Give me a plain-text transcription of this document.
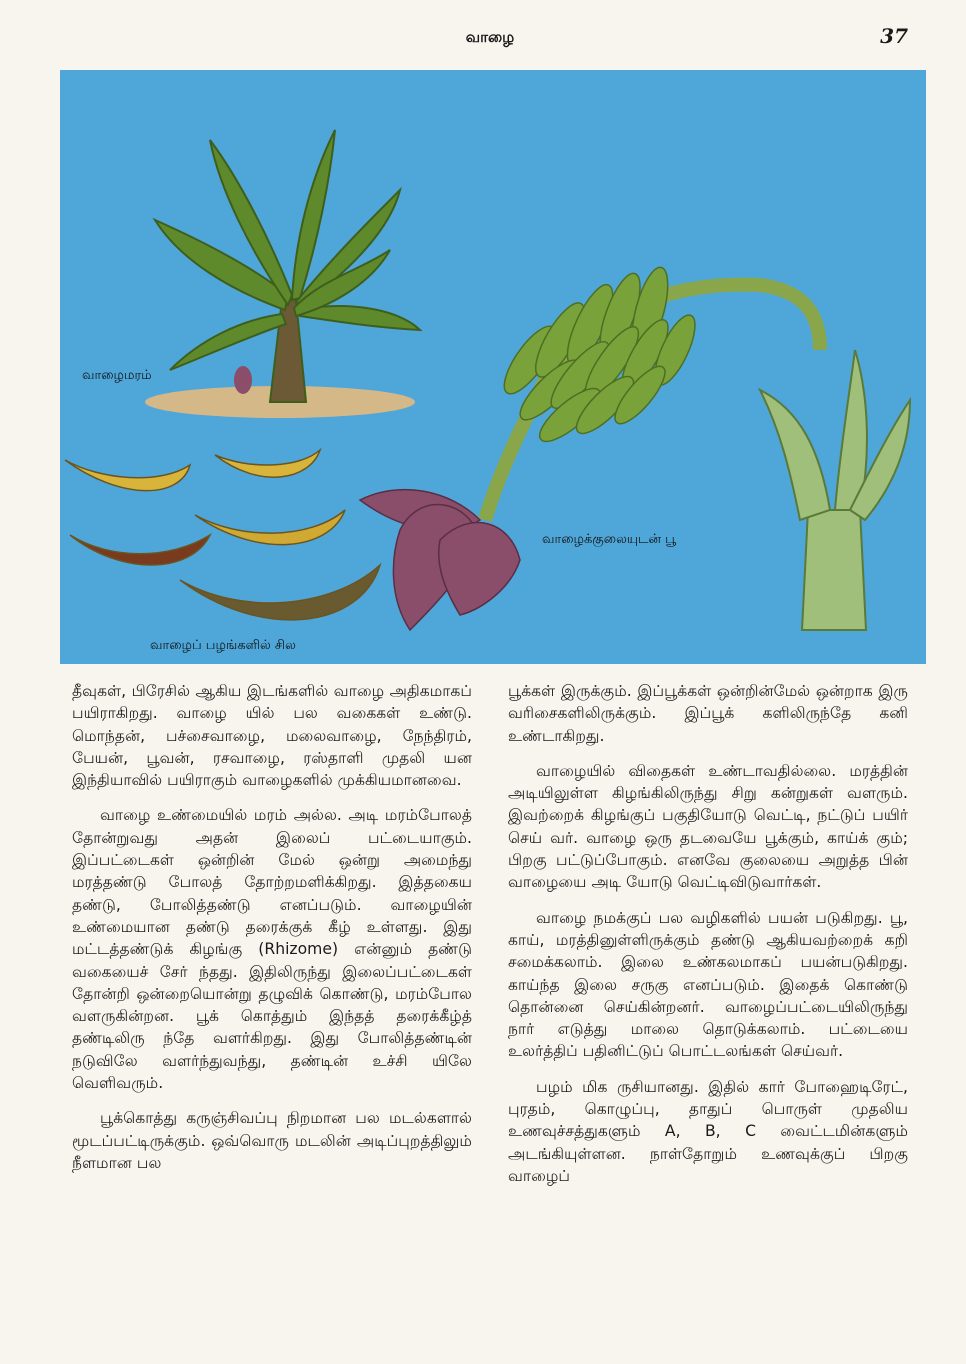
வாழை	37
வாழைமரம்
வாழைக்குலையுடன் பூ
வாழைப் பழங்களில் சில

தீவுகள், பிரேசில் ஆகிய இடங்களில் வாழை அதிகமாகப் பயிராகிறது. வாழை யில் பல வகைகள் உண்டு. மொந்தன், பச்சைவாழை, மலைவாழை, நேந்திரம், பேயன், பூவன், ரசவாழை, ரஸ்தாளி முதலி யன இந்தியாவில் பயிராகும் வாழைகளில் முக்கியமானவை.

வாழை உண்மையில் மரம் அல்ல. அடி மரம்போலத் தோன்றுவது அதன் இலைப் பட்டையாகும். இப்பட்டைகள் ஒன்றின் மேல் ஒன்று அமைந்து மரத்தண்டு போலத் தோற்றமளிக்கிறது. இத்தகைய தண்டு, போலித்தண்டு எனப்படும். வாழையின் உண்மையான தண்டு தரைக்குக் கீழ் உள்ளது. இது மட்டத்தண்டுக் கிழங்கு (Rhizome) என்னும் தண்டு வகையைச் சேர் ந்தது. இதிலிருந்து இலைப்பட்டைகள் தோன்றி ஒன்றையொன்று தழுவிக் கொண்டு, மரம்போல வளருகின்றன. பூக் கொத்தும் இந்தத் தரைக்கீழ்த் தண்டிலிரு ந்தே வளர்கிறது. இது போலித்தண்டின் நடுவிலே வளர்ந்துவந்து, தண்டின் உச்சி யிலே வெளிவரும்.

பூக்கொத்து கருஞ்சிவப்பு நிறமான பல மடல்களால் மூடப்பட்டிருக்கும். ஒவ்வொரு மடலின் அடிப்புறத்திலும் நீளமான பல

பூக்கள் இருக்கும். இப்பூக்கள் ஒன்றின்மேல் ஒன்றாக இரு வரிசைகளிலிருக்கும். இப்பூக் களிலிருந்தே கனி உண்டாகிறது.

வாழையில் விதைகள் உண்டாவதில்லை. மரத்தின் அடியிலுள்ள கிழங்கிலிருந்து சிறு கன்றுகள் வளரும். இவற்றைக் கிழங்குப் பகுதியோடு வெட்டி, நட்டுப் பயிர் செய் வர். வாழை ஒரு தடவையே பூக்கும், காய்க் கும்; பிறகு பட்டுப்போகும். எனவே குலையை அறுத்த பின் வாழையை அடி யோடு வெட்டிவிடுவார்கள்.

வாழை நமக்குப் பல வழிகளில் பயன் படுகிறது. பூ, காய், மரத்தினுள்ளிருக்கும் தண்டு ஆகியவற்றைக் கறி சமைக்கலாம். இலை உண்கலமாகப் பயன்படுகிறது. காய்ந்த இலை சருகு எனப்படும். இதைக் கொண்டு தொன்னை செய்கின்றனர். வாழைப்பட்டையிலிருந்து நார் எடுத்து மாலை தொடுக்கலாம். பட்டையை உலர்த்திப் பதினிட்டுப் பொட்டலங்கள் செய்வர்.

பழம் மிக ருசியானது. இதில் கார் போஹைடிரேட், புரதம், கொழுப்பு, தாதுப் பொருள் முதலிய உணவுச்சத்துகளும் A, B, C வைட்டமின்களும் அடங்கியுள்ளன. நாள்தோறும் உணவுக்குப் பிறகு வாழைப்
